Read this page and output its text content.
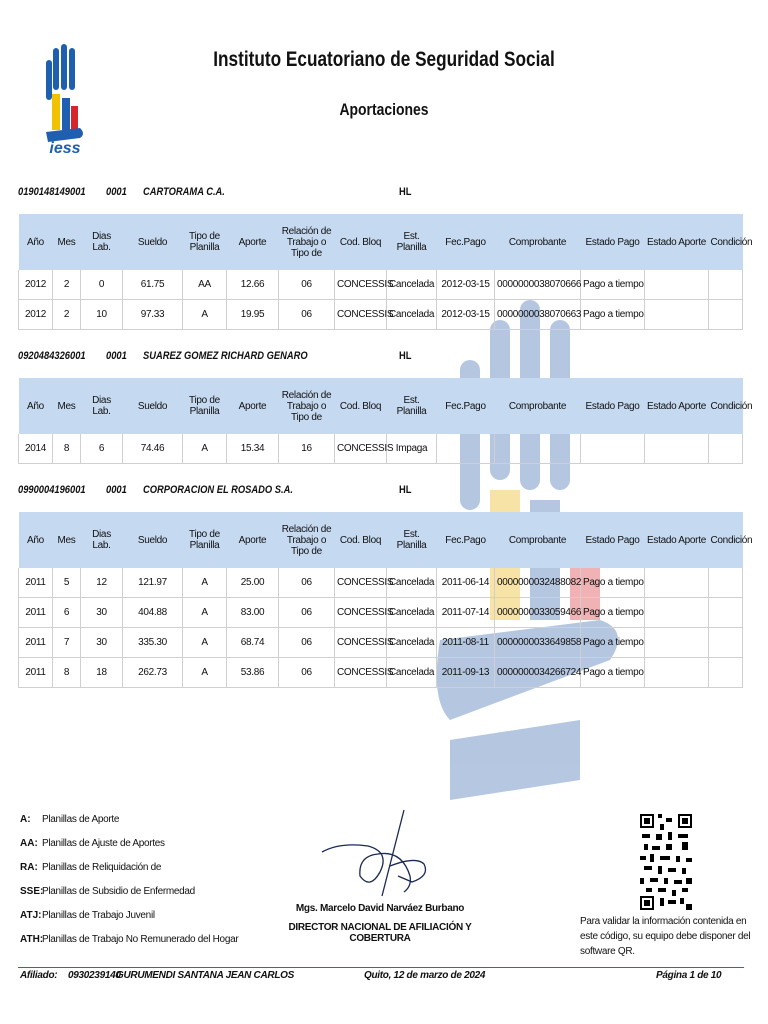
iess
Instituto Ecuatoriano de Seguridad Social
Aportaciones
0190148149001 0001 CARTORAMA C.A.	HL
Año	Mes	Dias Lab.	Sueldo	Tipo de Planilla	Aporte	Relación de Trabajo o Tipo de	Cod. Bloq	Est. Planilla	Fec.Pago	Comprobante	Estado Pago	Estado Aporte	Condición
2012	2	0	61.75	AA	12.66	06	CONCESSIS	Cancelada	2012-03-15	0000000038070666	Pago a tiempo		
2012	2	10	97.33	A	19.95	06	CONCESSIS	Cancelada	2012-03-15	0000000038070663	Pago a tiempo		
0920484326001 0001 SUAREZ GOMEZ RICHARD GENARO	HL
Año	Mes	Dias Lab.	Sueldo	Tipo de Planilla	Aporte	Relación de Trabajo o Tipo de	Cod. Bloq	Est. Planilla	Fec.Pago	Comprobante	Estado Pago	Estado Aporte	Condición
2014	8	6	74.46	A	15.34	16	CONCESSIS	Impaga					
0990004196001 0001 CORPORACION EL ROSADO S.A.	HL
Año	Mes	Dias Lab.	Sueldo	Tipo de Planilla	Aporte	Relación de Trabajo o Tipo de	Cod. Bloq	Est. Planilla	Fec.Pago	Comprobante	Estado Pago	Estado Aporte	Condición
2011	5	12	121.97	A	25.00	06	CONCESSIS	Cancelada	2011-06-14	0000000032488082	Pago a tiempo		
2011	6	30	404.88	A	83.00	06	CONCESSIS	Cancelada	2011-07-14	0000000033059466	Pago a tiempo		
2011	7	30	335.30	A	68.74	06	CONCESSIS	Cancelada	2011-08-11	0000000033649858	Pago a tiempo		
2011	8	18	262.73	A	53.86	06	CONCESSIS	Cancelada	2011-09-13	0000000034266724	Pago a tiempo		
A: Planillas de Aporte
AA: Planillas de Ajuste de Aportes
RA: Planillas de Reliquidación de
SSE:
Planillas de Subsidio de Enfermedad
ATJ: Planillas de Trabajo Juvenil
ATH:
Planillas de Trabajo No Remunerado del Hogar
Mgs. Marcelo David Narváez Burbano
DIRECTOR NACIONAL DE AFILIACIÓN Y COBERTURA
Para validar la información contenida en este código, su equipo debe disponer del software QR.
Afiliado: 0930239140
GURUMENDI SANTANA JEAN CARLOS	Quito, 12 de marzo de 2024	Página 1 de 10
